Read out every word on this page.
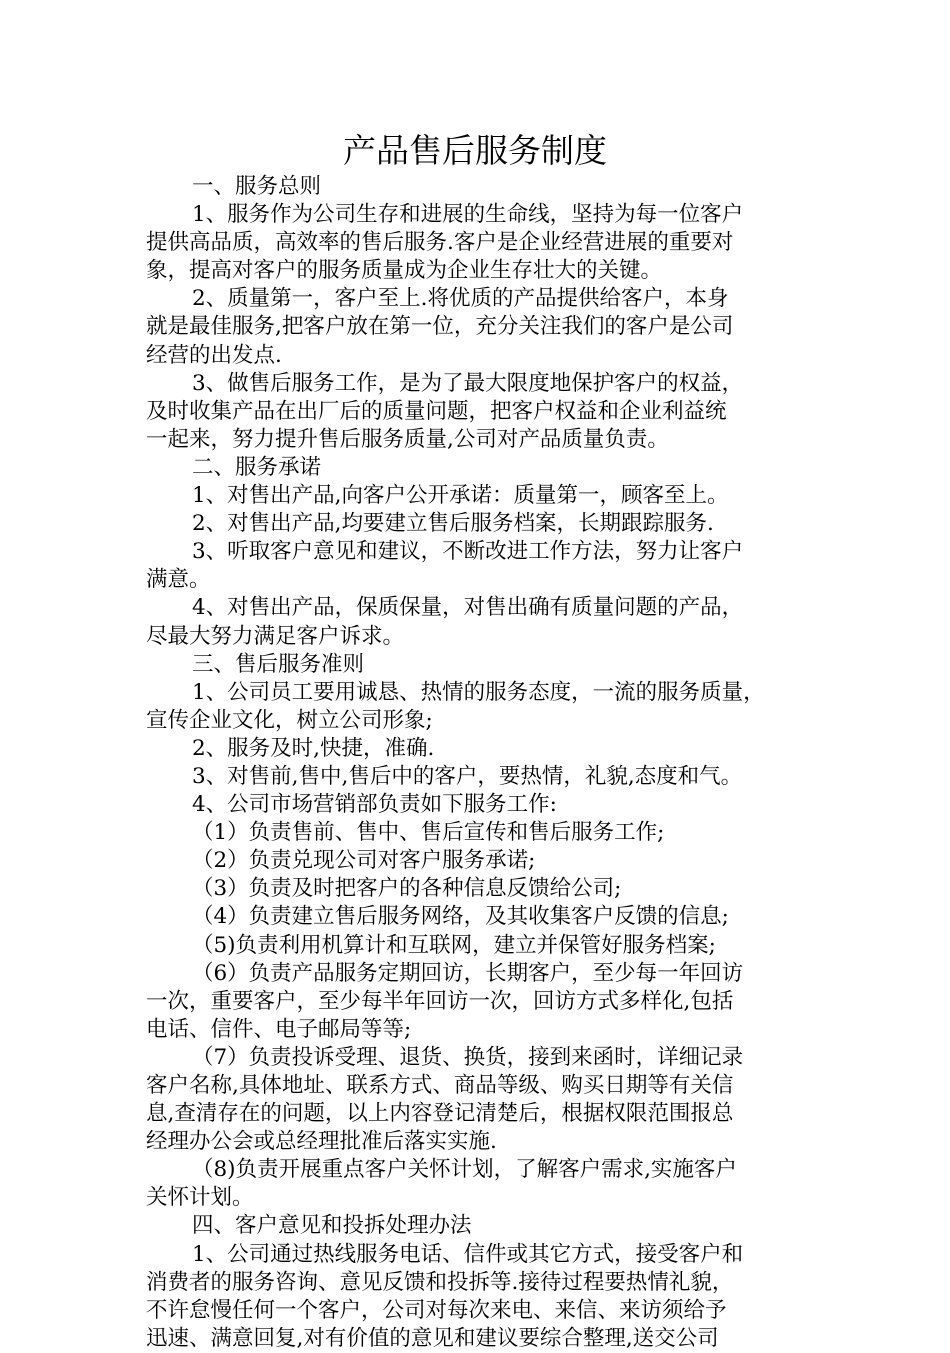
产品售后服务制度
一、服务总则
1、服务作为公司生存和进展的生命线，坚持为每一位客户
提供高品质，高效率的售后服务.客户是企业经营进展的重要对
象，提高对客户的服务质量成为企业生存壮大的关键。
2、质量第一，客户至上.将优质的产品提供给客户，本身
就是最佳服务,把客户放在第一位，充分关注我们的客户是公司
经营的出发点.
3、做售后服务工作，是为了最大限度地保护客户的权益，
及时收集产品在出厂后的质量问题，把客户权益和企业利益统
一起来，努力提升售后服务质量,公司对产品质量负责。
二、服务承诺
1、对售出产品,向客户公开承诺：质量第一，顾客至上。
2、对售出产品,均要建立售后服务档案，长期跟踪服务.
3、听取客户意见和建议，不断改进工作方法，努力让客户
满意。
4、对售出产品，保质保量，对售出确有质量问题的产品，
尽最大努力满足客户诉求。
三、售后服务准则
1、公司员工要用诚恳、热情的服务态度，一流的服务质量，
宣传企业文化，树立公司形象;
2、服务及时,快捷，准确.
3、对售前,售中,售后中的客户，要热情，礼貌,态度和气。
4、公司市场营销部负责如下服务工作:
（1）负责售前、售中、售后宣传和售后服务工作;
（2）负责兑现公司对客户服务承诺;
（3）负责及时把客户的各种信息反馈给公司;
（4）负责建立售后服务网络，及其收集客户反馈的信息;
（5)负责利用机算计和互联网，建立并保管好服务档案;
（6）负责产品服务定期回访，长期客户，至少每一年回访
一次，重要客户，至少每半年回访一次，回访方式多样化,包括
电话、信件、电子邮局等等;
（7）负责投诉受理、退货、换货，接到来函时，详细记录
客户名称,具体地址、联系方式、商品等级、购买日期等有关信
息,查清存在的问题，以上内容登记清楚后，根据权限范围报总
经理办公会或总经理批准后落实实施.
（8)负责开展重点客户关怀计划，了解客户需求,实施客户
关怀计划。
四、客户意见和投拆处理办法
1、公司通过热线服务电话、信件或其它方式，接受客户和
消费者的服务咨询、意见反馈和投拆等.接待过程要热情礼貌，
不许怠慢任何一个客户，公司对每次来电、来信、来访须给予
迅速、满意回复,对有价值的意见和建议要综合整理,送交公司
